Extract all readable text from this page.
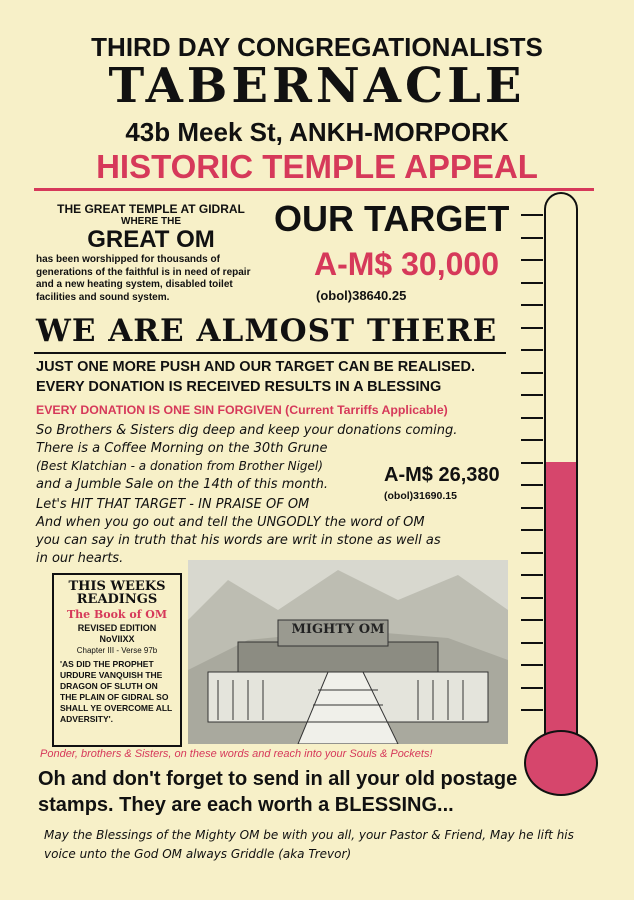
THIRD DAY CONGREGATIONALISTS
TABERNACLE
43b Meek St, ANKH-MORPORK
HISTORIC TEMPLE APPEAL
THE GREAT TEMPLE AT GIDRAL
WHERE THE
GREAT OM
has been worshipped for thousands of generations of the faithful is in need of repair and a new heating system, disabled toilet facilities and sound system.
OUR TARGET
A-M$ 30,000
(obol)38640.25
WE ARE ALMOST THERE
JUST ONE MORE PUSH AND OUR TARGET CAN BE REALISED.
EVERY DONATION IS RECEIVED RESULTS IN A BLESSING
EVERY DONATION IS ONE SIN FORGIVEN (Current Tarriffs Applicable)
So Brothers & Sisters dig deep and keep your donations coming.
There is a Coffee Morning on the 30th Grune
(Best Klatchian - a donation from Brother Nigel)
and a Jumble Sale on the 14th of this month.
Let's HIT THAT TARGET - IN PRAISE OF OM
And when you go out and tell the UNGODLY the word of OM
you can say in truth that his words are writ in stone as well as
in our hearts.
A-M$ 26,380
(obol)31690.15
THIS WEEKS
READINGS
The Book of OM
REVISED EDITION
NoVIIXX
Chapter III - Verse 97b
'AS DID THE PROPHET URDURE VANQUISH THE DRAGON OF SLUTH ON THE PLAIN OF GIDRAL SO SHALL YE OVERCOME ALL ADVERSITY'.
MIGHTY OM
Ponder, brothers & Sisters, on these words and reach into your Souls & Pockets!
Oh and don't forget to send in all your old postage
stamps. They are each worth a BLESSING...
May the Blessings of the Mighty OM be with you all, your Pastor & Friend, May he lift his
voice unto the God OM always Griddle (aka Trevor)
